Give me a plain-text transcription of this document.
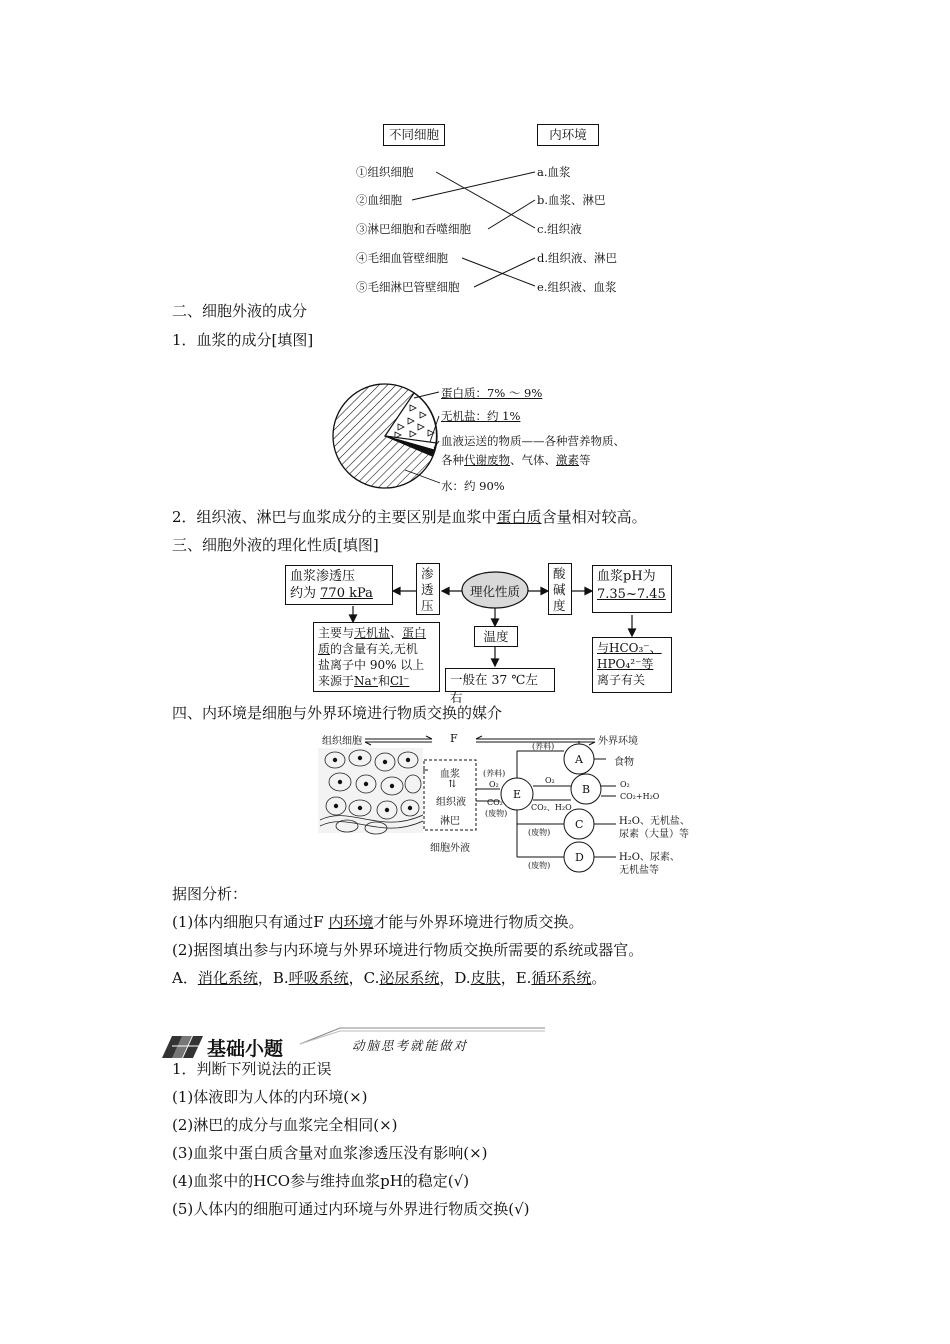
不同细胞	内环境
①组织细胞
②血细胞
③淋巴细胞和吞噬细胞
④毛细血管壁细胞
⑤毛细淋巴管壁细胞
a.血浆
b.血浆、淋巴
c.组织液
d.组织液、淋巴
e.组织液、血浆
二、细胞外液的成分
1．血浆的成分[填图]
蛋白质：7% ～ 9%
无机盐：约 1%
血液运送的物质——各种营养物质、
各种代谢废物、气体、激素等
水：约 90%
2．组织液、淋巴与血浆成分的主要区别是血浆中蛋白质含量相对较高。
三、细胞外液的理化性质[填图]
血浆渗透压
约为 770 kPa
渗透压
理化性质
酸碱度
血浆pH为
7.35~7.45
主要与无机盐、蛋白
质的含量有关,无机
盐离子中 90% 以上
来源于Na⁺和Cl⁻
温度
一般在 37 ℃左右
与HCO₃⁻、
HPO₄²⁻等
离子有关
四、内环境是细胞与外界环境进行物质交换的媒介
组织细胞	F	外界环境
血浆
⇅
组织液
淋巴
细胞外液
E
A
B
C
D
(养料)
(养料)
食物
O₂	O₂	O₂
CO₂
(废物)
CO₂、H₂O
CO₂+H₂O
(废物)
H₂O、无机盐、
尿素（大量）等
(废物)
H₂O、尿素、
无机盐等
据图分析：
(1)体内细胞只有通过F 内环境才能与外界环境进行物质交换。
(2)据图填出参与内环境与外界环境进行物质交换所需要的系统或器官。
A．消化系统，B.呼吸系统，C.泌尿系统，D.皮肤，E.循环系统。
基础小题	动脑思考就能做对
1．判断下列说法的正误
(1)体液即为人体的内环境(×)
(2)淋巴的成分与血浆完全相同(×)
(3)血浆中蛋白质含量对血浆渗透压没有影响(×)
(4)血浆中的HCO参与维持血浆pH的稳定(√)
(5)人体内的细胞可通过内环境与外界进行物质交换(√)
